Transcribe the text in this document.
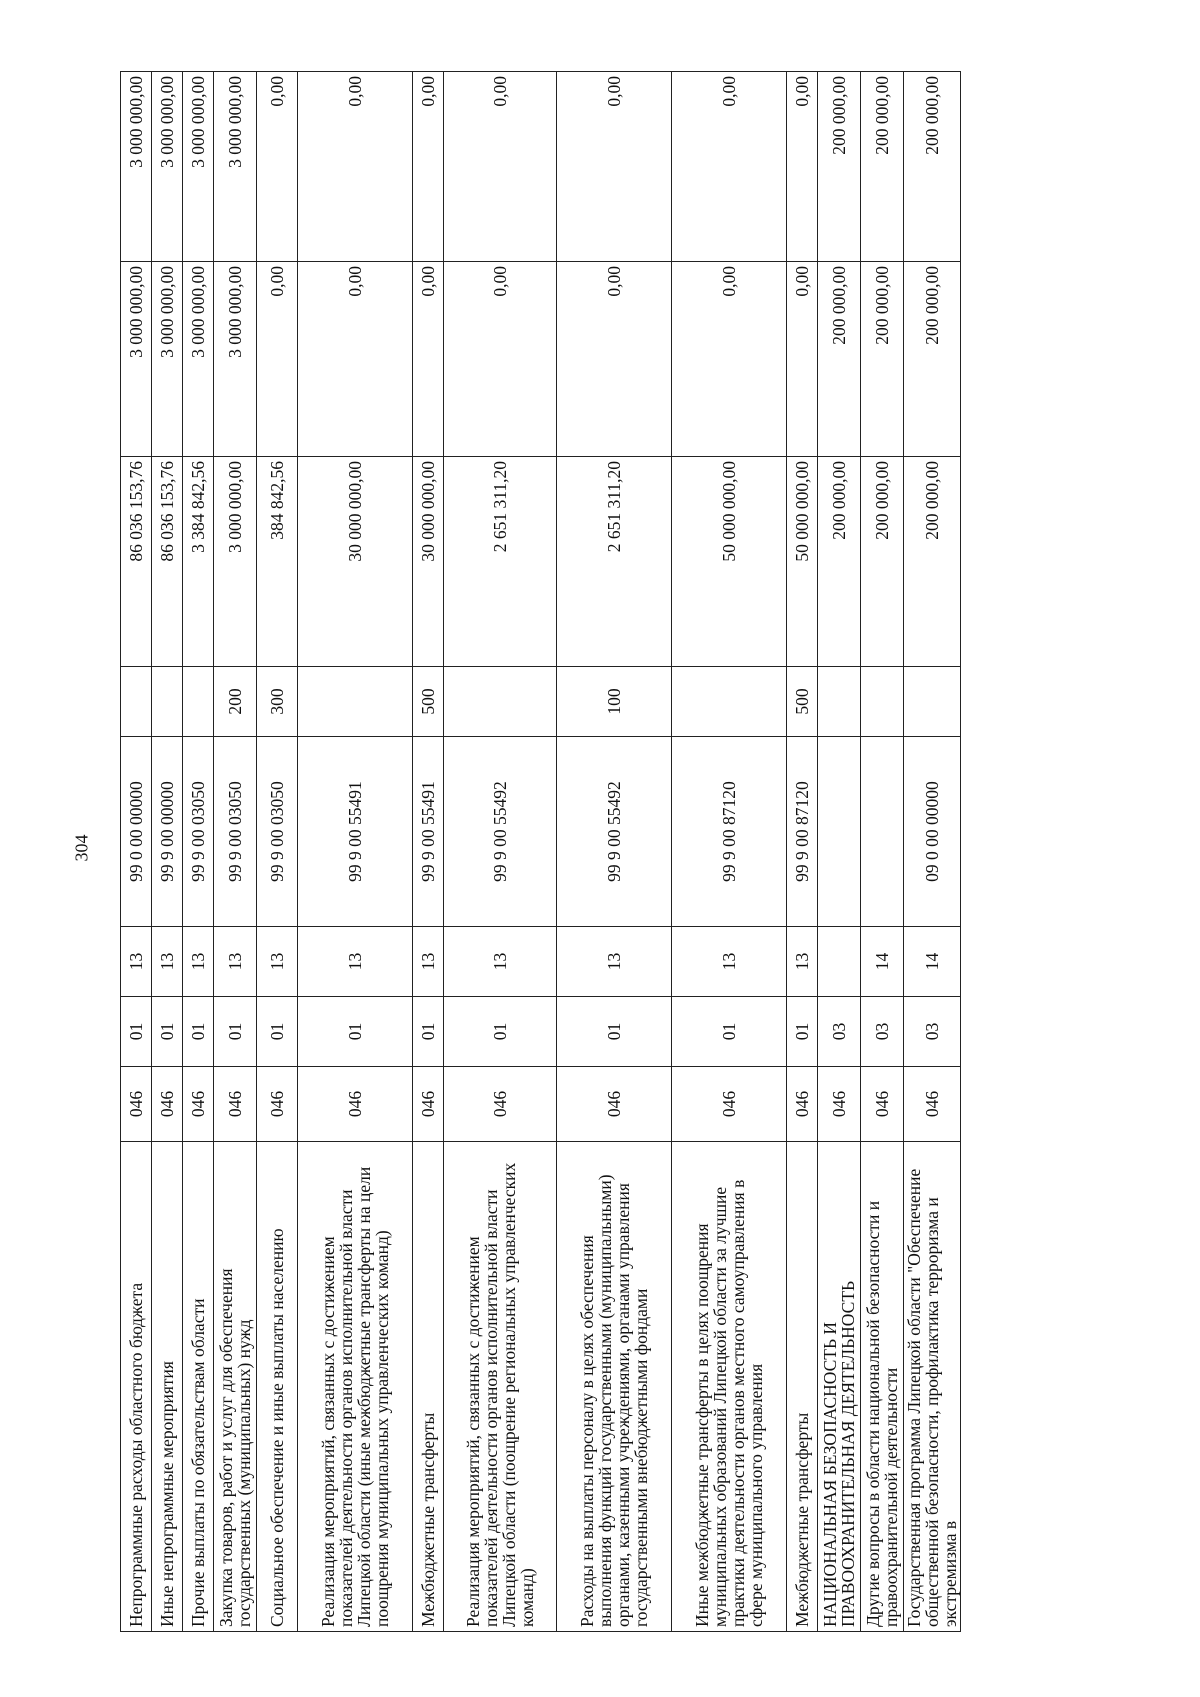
304
Непрограммные расходы областного бюджета	046	01	13	99 0 00 00000		86 036 153,76	3 000 000,00	3 000 000,00
Иные непрограммные мероприятия	046	01	13	99 9 00 00000		86 036 153,76	3 000 000,00	3 000 000,00
Прочие выплаты по обязательствам области	046	01	13	99 9 00 03050		3 384 842,56	3 000 000,00	3 000 000,00
Закупка товаров, работ и услуг для обеспечения государственных (муниципальных) нужд	046	01	13	99 9 00 03050	200	3 000 000,00	3 000 000,00	3 000 000,00
Социальное обеспечение и иные выплаты населению	046	01	13	99 9 00 03050	300	384 842,56	0,00	0,00
Реализация мероприятий, связанных с достижением показателей деятельности органов исполнительной власти Липецкой области (иные межбюджетные трансферты на цели поощрения муниципальных управленческих команд)	046	01	13	99 9 00 55491		30 000 000,00	0,00	0,00
Межбюджетные трансферты	046	01	13	99 9 00 55491	500	30 000 000,00	0,00	0,00
Реализация мероприятий, связанных с достижением показателей деятельности органов исполнительной власти Липецкой области (поощрение региональных управленческих команд)	046	01	13	99 9 00 55492		2 651 311,20	0,00	0,00
Расходы на выплаты персоналу в целях обеспечения выполнения функций государственными (муниципальными) органами, казенными учреждениями, органами управления государственными внебюджетными фондами	046	01	13	99 9 00 55492	100	2 651 311,20	0,00	0,00
Иные межбюджетные трансферты в целях поощрения муниципальных образований Липецкой области за лучшие практики деятельности органов местного самоуправления в сфере муниципального управления	046	01	13	99 9 00 87120		50 000 000,00	0,00	0,00
Межбюджетные трансферты	046	01	13	99 9 00 87120	500	50 000 000,00	0,00	0,00
НАЦИОНАЛЬНАЯ БЕЗОПАСНОСТЬ И ПРАВООХРАНИТЕЛЬНАЯ ДЕЯТЕЛЬНОСТЬ	046	03				200 000,00	200 000,00	200 000,00
Другие вопросы в области национальной безопасности и правоохранительной деятельности	046	03	14			200 000,00	200 000,00	200 000,00
Государственная программа Липецкой области "Обеспечение общественной безопасности, профилактика терроризма и экстремизма в	046	03	14	09 0 00 00000		200 000,00	200 000,00	200 000,00
